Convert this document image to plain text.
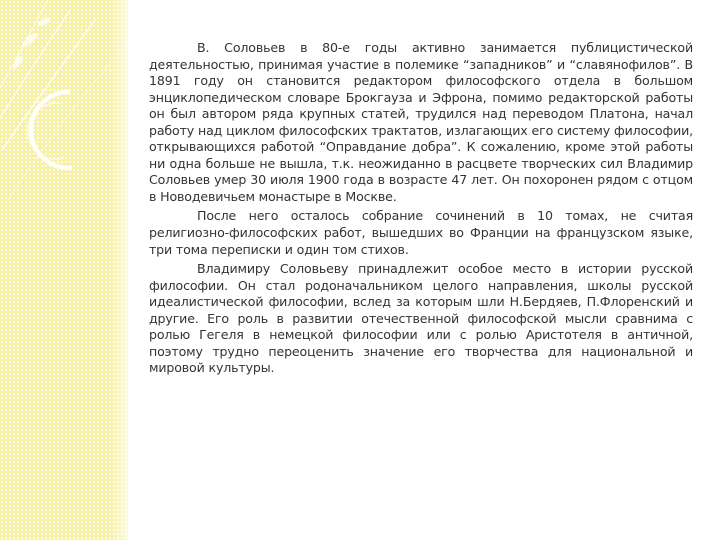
В. Соловьев в 80-е годы активно занимается публицистической деятельностью, принимая участие в полемике “западников” и “славянофилов”. В 1891 году он становится редактором философского отдела в большом энциклопедическом словаре Брокгауза и Эфрона, помимо редакторской работы он был автором ряда крупных статей, трудился над переводом Платона, начал работу над циклом философских трактатов, излагающих его систему философии, открывающихся работой “Оправдание добра”. К сожалению, кроме этой работы ни одна больше не вышла, т.к. неожиданно в расцвете творческих сил Владимир Соловьев умер 30 июля 1900 года в возрасте 47 лет. Он похоронен рядом с отцом в Новодевичьем монастыре в Москве.

После него осталось собрание сочинений в 10 томах, не считая религиозно-философских работ, вышедших во Франции на французском языке, три тома переписки и один том стихов.

Владимиру Соловьеву принадлежит особое место в истории русской философии. Он стал родоначальником целого направления, школы русской идеалистической философии, вслед за которым шли Н.Бердяев, П.Флоренский и другие. Его роль в развитии отечественной философской мысли сравнима с ролью Гегеля в немецкой философии или с ролью Аристотеля в античной, поэтому трудно переоценить значение его творчества для национальной и мировой культуры.
